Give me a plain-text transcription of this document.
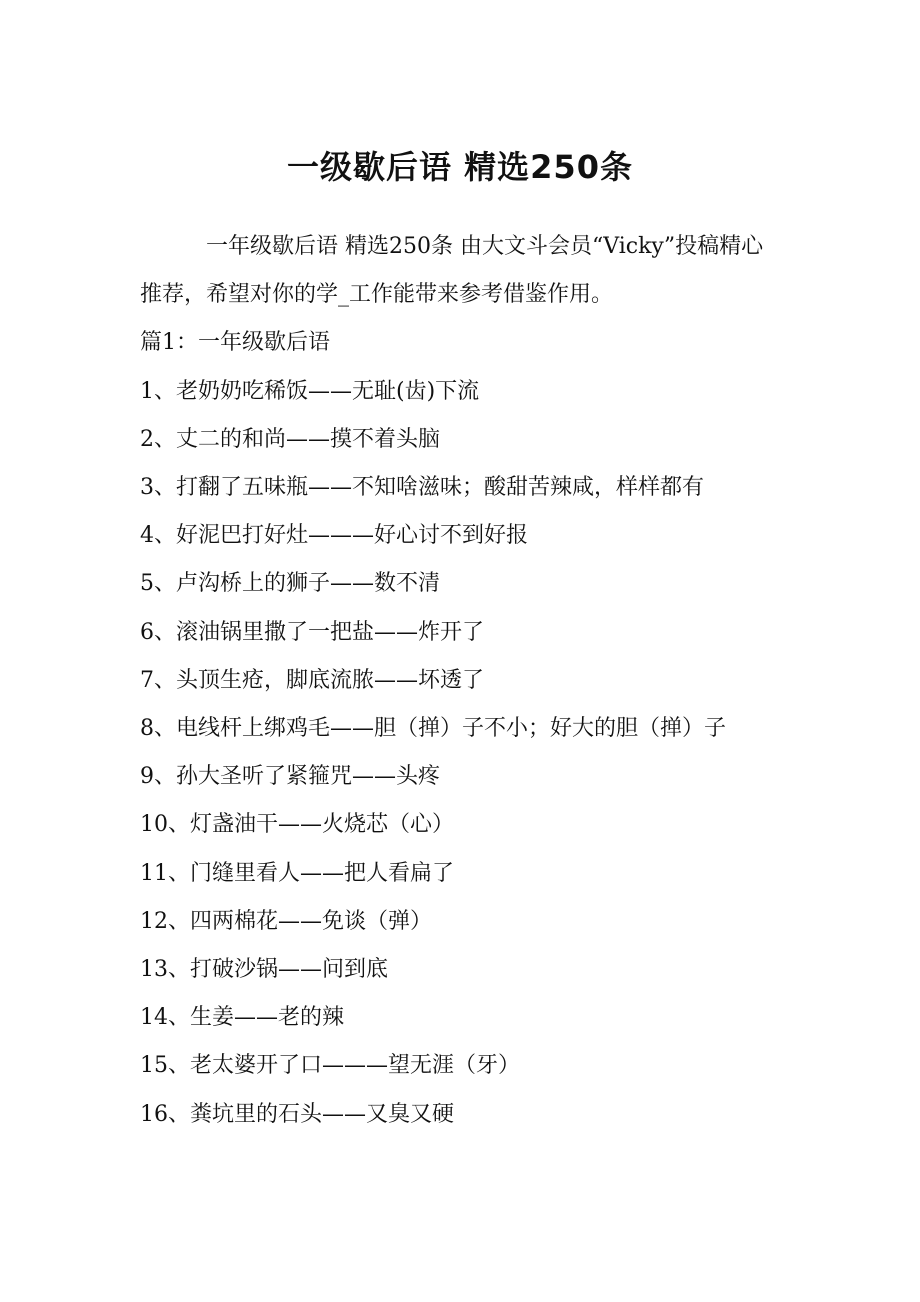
一级歇后语 精选250条

一年级歇后语 精选250条 由大文斗会员“Vicky”投稿精心推荐，希望对你的学_工作能带来参考借鉴作用。

篇1：一年级歇后语

1、老奶奶吃稀饭——无耻(齿)下流

2、丈二的和尚——摸不着头脑

3、打翻了五味瓶——不知啥滋味；酸甜苦辣咸，样样都有

4、好泥巴打好灶———好心讨不到好报

5、卢沟桥上的狮子——数不清

6、滚油锅里撒了一把盐——炸开了

7、头顶生疮，脚底流脓——坏透了

8、电线杆上绑鸡毛——胆（掸）子不小；好大的胆（掸）子

9、孙大圣听了紧箍咒——头疼

10、灯盏油干——火烧芯（心）

11、门缝里看人——把人看扁了

12、四两棉花——免谈（弹）

13、打破沙锅——问到底

14、生姜——老的辣

15、老太婆开了口———望无涯（牙）

16、粪坑里的石头——又臭又硬
